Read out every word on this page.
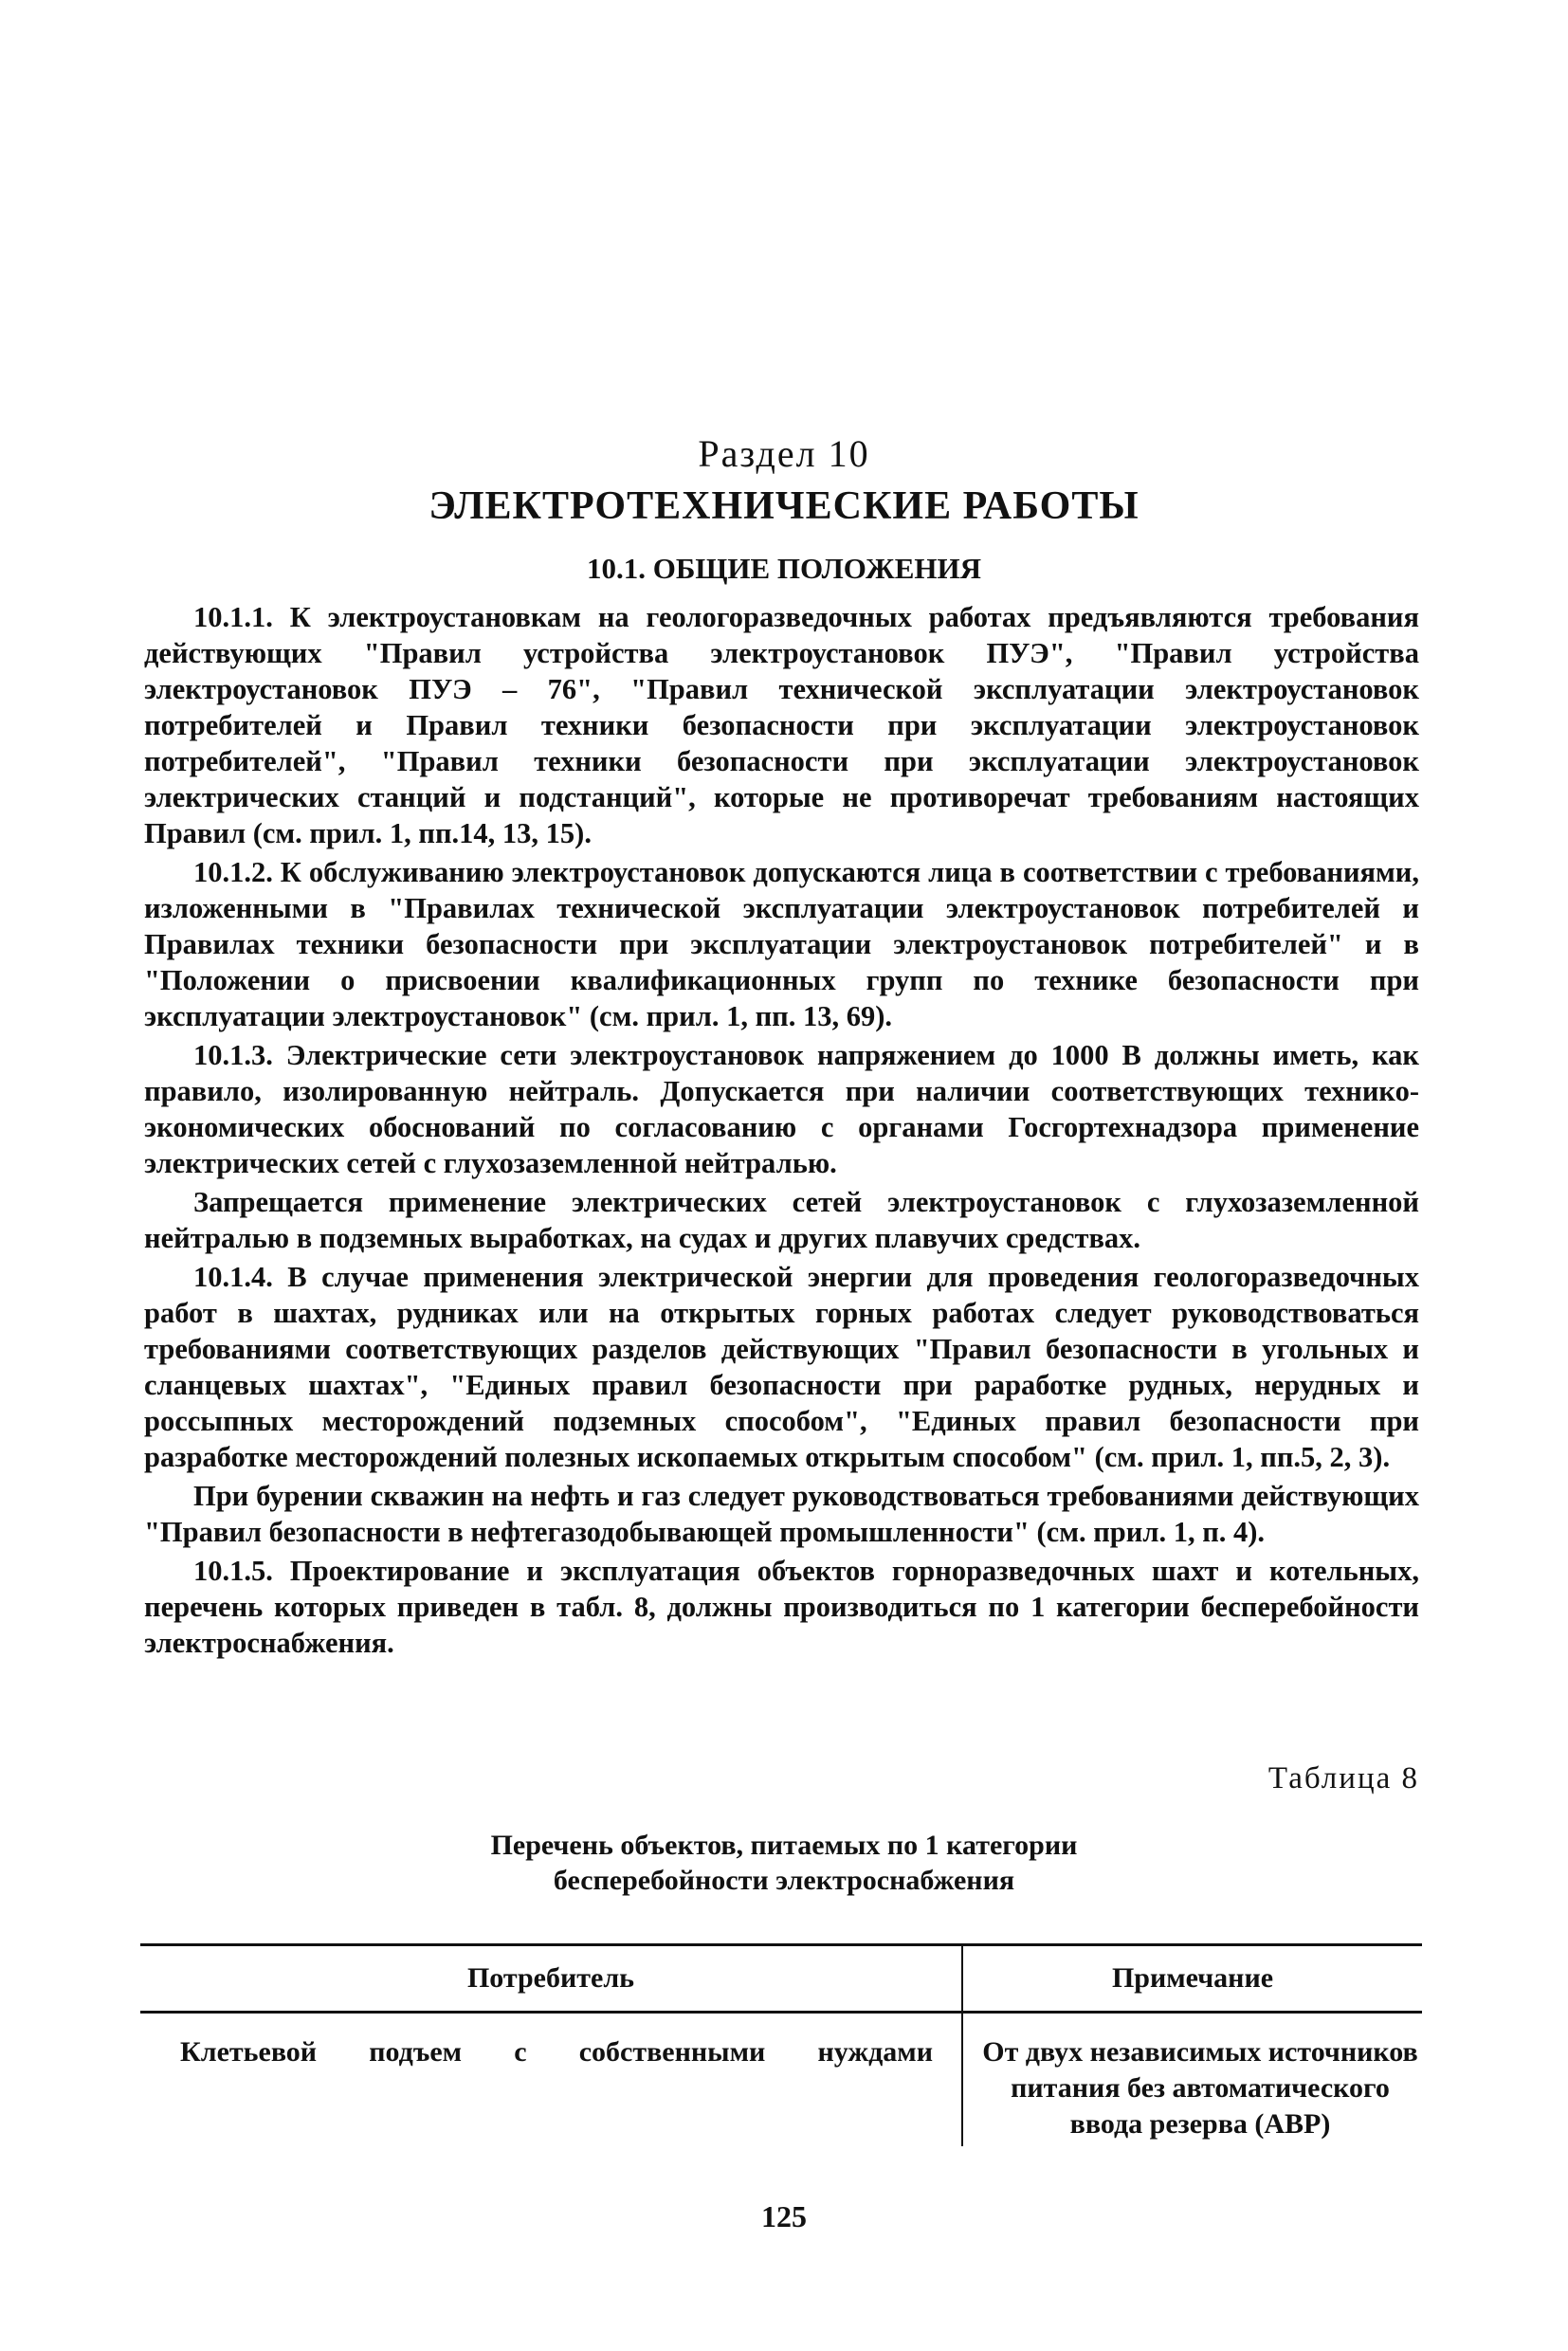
Раздел 10
ЭЛЕКТРОТЕХНИЧЕСКИЕ РАБОТЫ
10.1. ОБЩИЕ ПОЛОЖЕНИЯ

10.1.1. К электроустановкам на геологоразведочных работах предъявляются требования действующих "Правил устройства электроустановок ПУЭ", "Правил устройства электроустановок ПУЭ – 76", "Правил технической эксплуатации электроустановок потребителей и Правил техники безопасности при эксплуатации электроустановок потребителей", "Правил техники безопасности при эксплуатации электроустановок электрических станций и подстанций", которые не противоречат требованиям настоящих Правил (см. прил. 1, пп.14, 13, 15).

10.1.2. К обслуживанию электроустановок допускаются лица в соответствии с требованиями, изложенными в "Правилах технической эксплуатации электроустановок потребителей и Правилах техники безопасности при эксплуатации электроустановок потребителей" и в "Положении о присвоении квалификационных групп по технике безопасности при эксплуатации электроустановок" (см. прил. 1, пп. 13, 69).

10.1.3. Электрические сети электроустановок напряжением до 1000 В должны иметь, как правило, изолированную нейтраль. Допускается при наличии соответствующих технико-экономических обоснований по согласованию с органами Госгортехнадзора применение электрических сетей с глухозаземленной нейтралью.

Запрещается применение электрических сетей электроустановок с глухозаземленной нейтралью в подземных выработках, на судах и других плавучих средствах.

10.1.4. В случае применения электрической энергии для проведения геологоразведочных работ в шахтах, рудниках или на открытых горных работах следует руководствоваться требованиями соответствующих разделов действующих "Правил безопасности в угольных и сланцевых шахтах", "Единых правил безопасности при раработке рудных, нерудных и россыпных месторождений подземных способом", "Единых правил безопасности при разработке месторождений полезных ископаемых открытым способом" (см. прил. 1, пп.5, 2, 3).

При бурении скважин на нефть и газ следует руководствоваться требованиями действующих "Правил безопасности в нефтегазодобывающей промышленности" (см. прил. 1, п. 4).

10.1.5. Проектирование и эксплуатация объектов горноразведочных шахт и котельных, перечень которых приведен в табл. 8, должны производиться по 1 категории бесперебойности электроснабжения.

Таблица 8
Перечень объектов, питаемых по 1 категории
бесперебойности электроснабжения
Потребитель	Примечание
Клетьевой подъем с собственными нуждами	От двух независимых источников питания без автоматического ввода резерва (АВР)
125
